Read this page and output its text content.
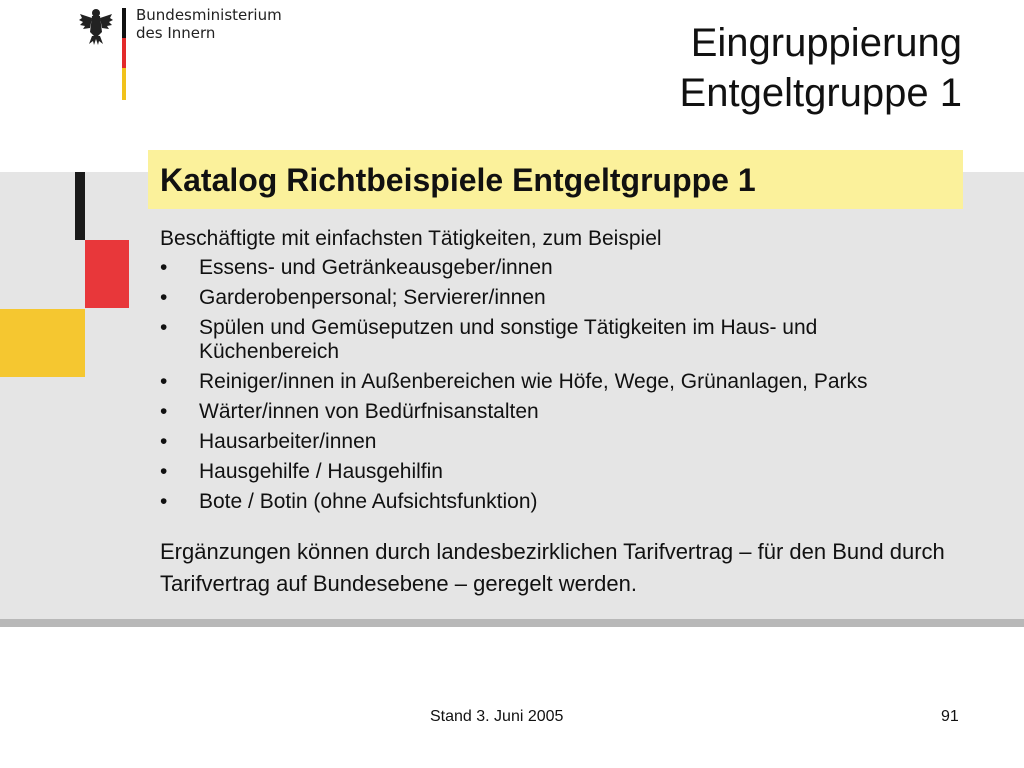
Bundesministerium
des Innern	Eingruppierung
Entgeltgruppe 1
Katalog Richtbeispiele Entgeltgruppe 1
Beschäftigte mit einfachsten Tätigkeiten, zum Beispiel
• Essens- und Getränkeausgeber/innen
• Garderobenpersonal; Servierer/innen
• Spülen und Gemüseputzen und sonstige Tätigkeiten im Haus- und Küchenbereich
• Reiniger/innen in Außenbereichen wie Höfe, Wege, Grünanlagen, Parks
• Wärter/innen von Bedürfnisanstalten
• Hausarbeiter/innen
• Hausgehilfe / Hausgehilfin
• Bote / Botin (ohne Aufsichtsfunktion)
Ergänzungen können durch landesbezirklichen Tarifvertrag – für den Bund durch Tarifvertrag auf Bundesebene – geregelt werden.
Stand 3. Juni 2005	91
